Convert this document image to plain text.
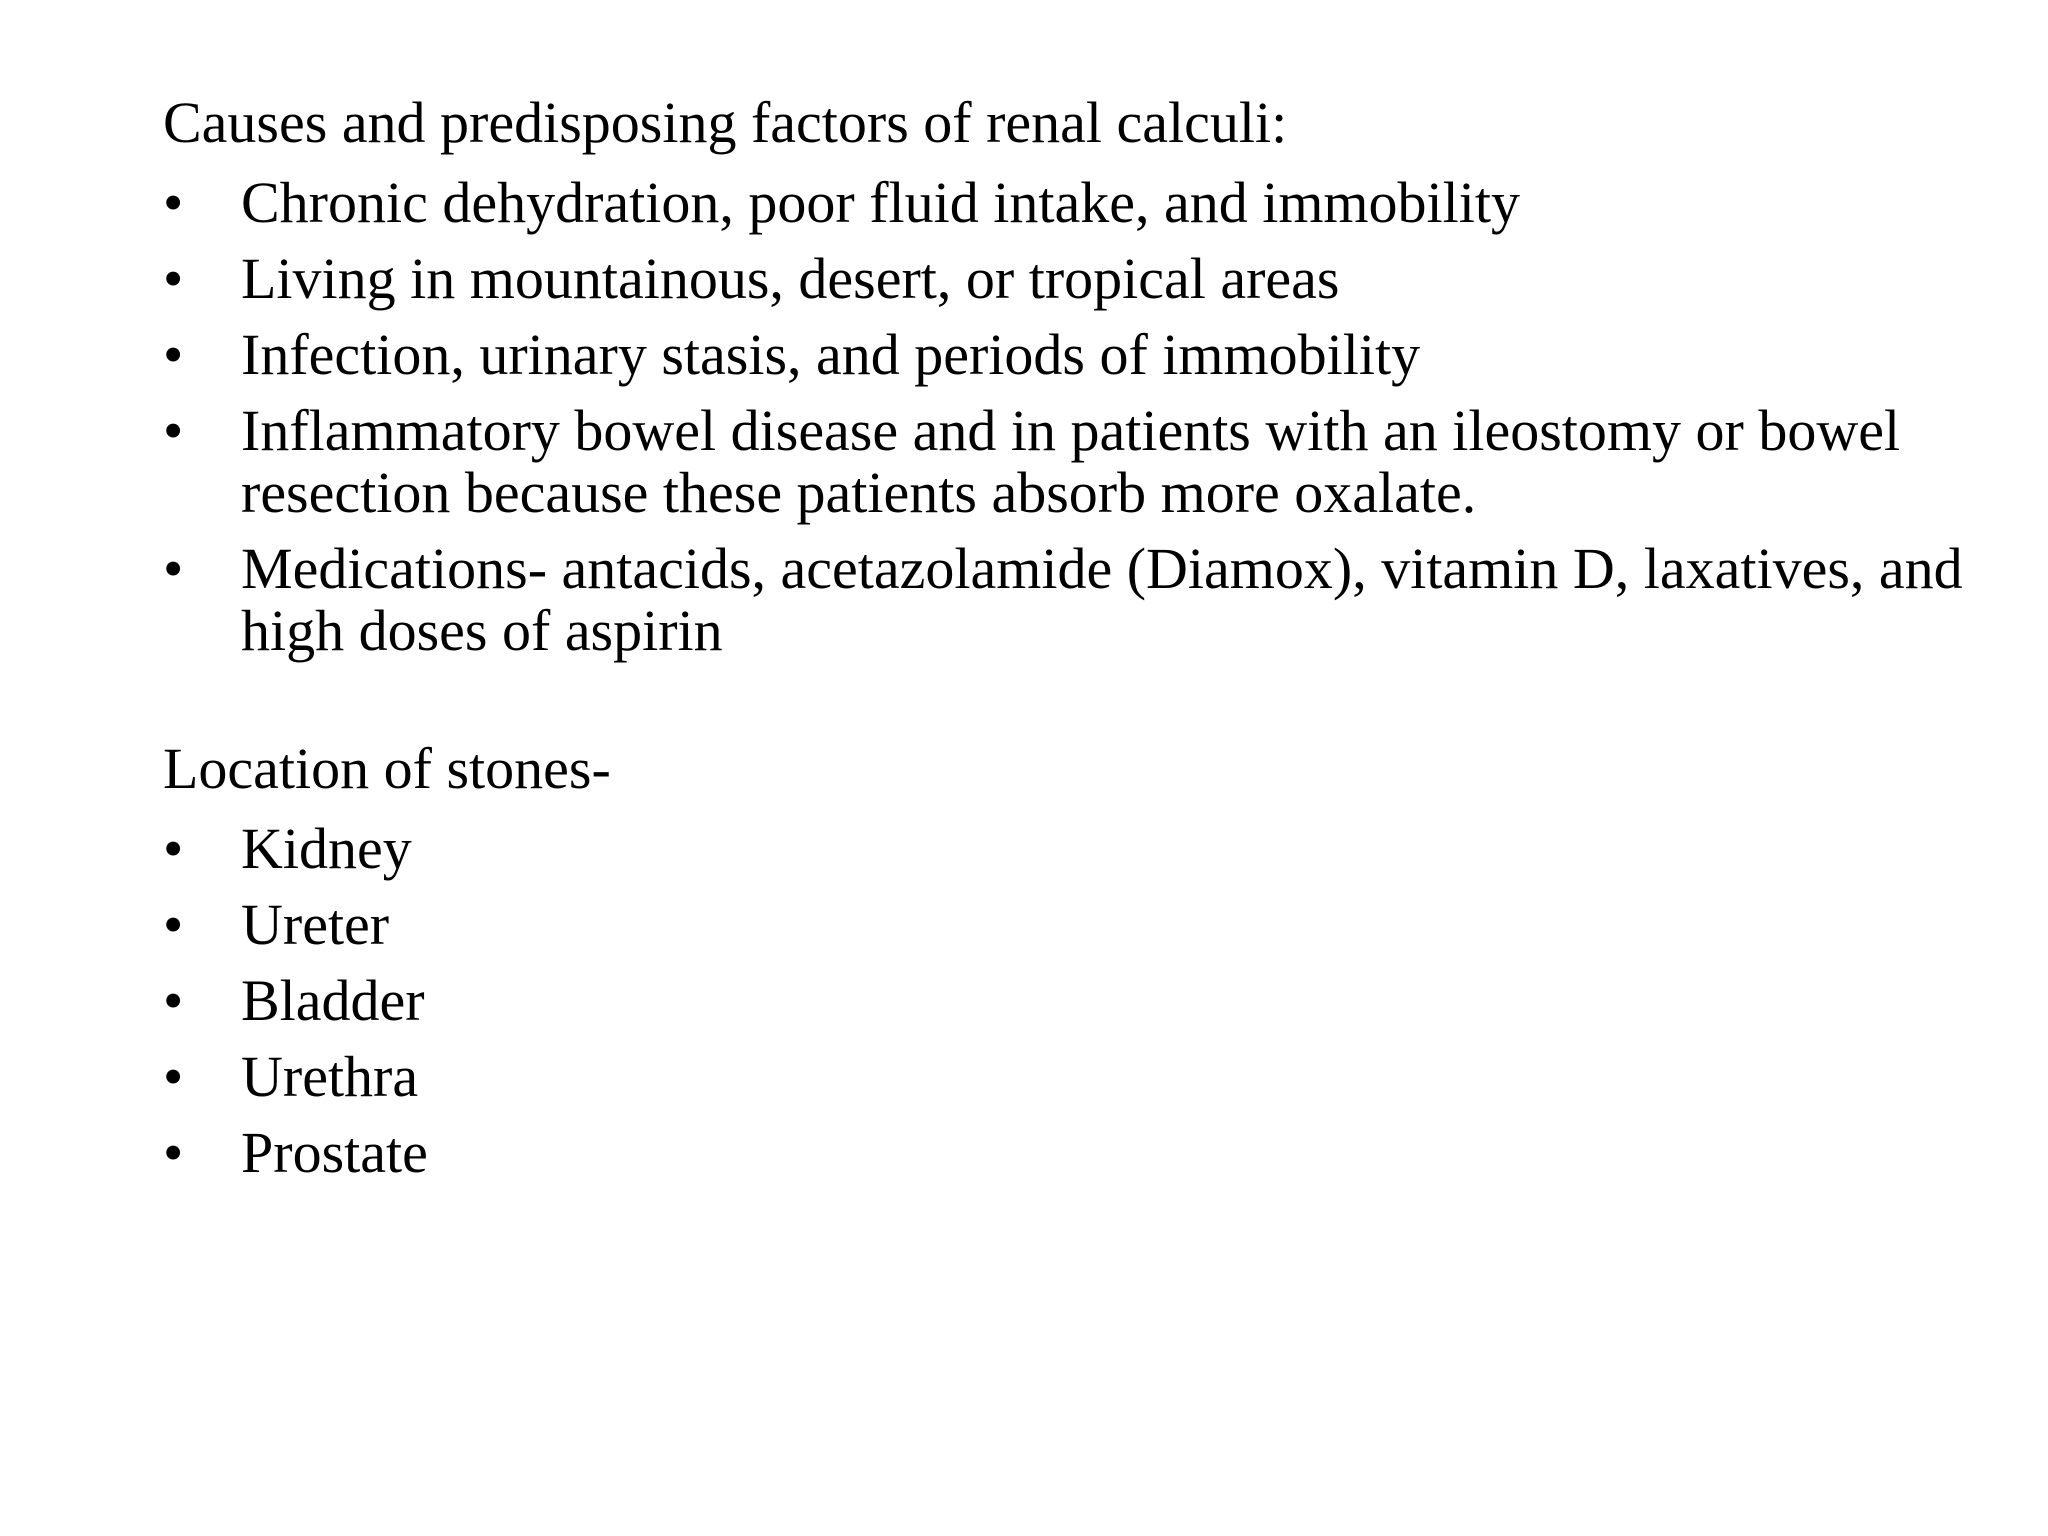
Causes and predisposing factors of renal calculi:

• Chronic dehydration, poor fluid intake, and immobility
• Living in mountainous, desert, or tropical areas
• Infection, urinary stasis, and periods of immobility
• Inflammatory bowel disease and in patients with an ileostomy or bowel resection because these patients absorb more oxalate.
• Medications- antacids, acetazolamide (Diamox), vitamin D, laxatives, and high doses of aspirin

Location of stones-

• Kidney
• Ureter
• Bladder
• Urethra
• Prostate
